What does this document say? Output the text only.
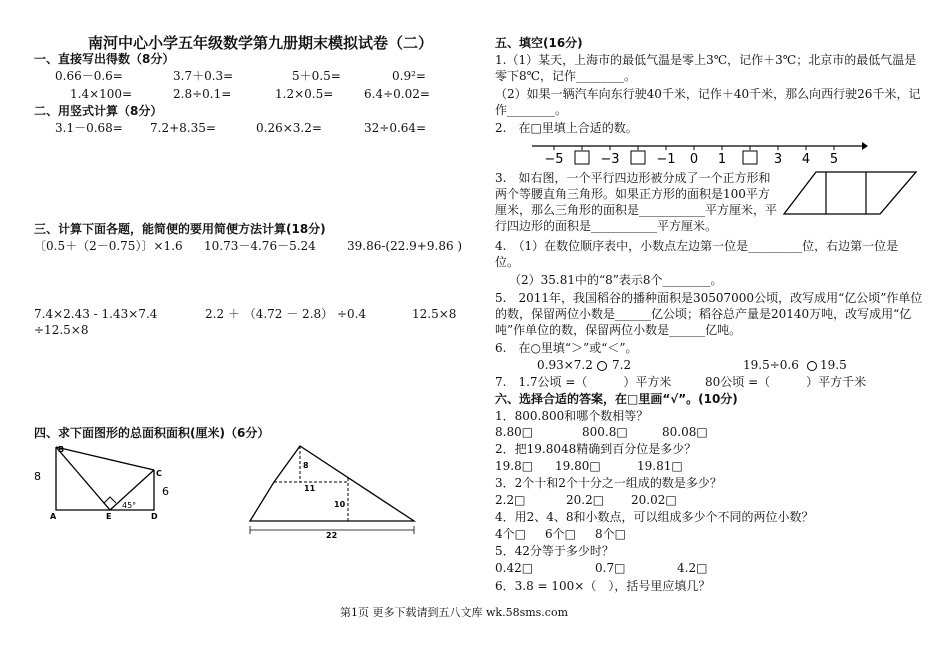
南河中心小学五年级数学第九册期末模拟试卷（二）
一、直接写出得数（8分）
0.66－0.6=	3.7＋0.3=	5＋0.5=	0.9²=
1.4×100=	2.8÷0.1=	1.2×0.5=	6.4÷0.02=
二、用竖式计算（8分）
3.1－0.68= 7.2+8.35=	0.26×3.2=	32÷0.64=
三、计算下面各题，能简便的要用简便方法计算(18分)
〔0.5＋（2－0.75）〕×1.6 10.73－4.76－5.24	39.86-(22.9+9.86 )
7.4×2.43 - 1.43×7.4	2.2 ＋ （4.72 － 2.8） ÷0.4	12.5×8
÷12.5×8
四、求下面图形的总面积面积(厘米)（6分）
8
6
45°
A
B
C
D
E
8
11
10
22
五、填空(16分)
1.（1）某天，上海市的最低气温是零上3℃，记作＋3℃；北京市的最低气温是
零下8℃，记作________。
（2）如果一辆汽车向东行驶40千米，记作＋40千米，那么向西行驶26千米，记
作________。
2.　在□里填上合适的数。
−5	−3	−1 0 1	3 4 5
3.　如右图，一个平行四边形被分成了一个正方形和
两个等腰直角三角形。如果正方形的面积是100平方
厘米，那么三角形的面积是___________平方厘米，平
行四边形的面积是___________平方厘米。
4.　（1）在数位顺序表中，小数点左边第一位是_________位，右边第一位是
位。
（2）35.81中的“8”表示8个________。
5.　2011年，我国稻谷的播种面积是30507000公顷，改写成用“亿公顷”作单位
的数，保留两位小数是______亿公顷；稻谷总产量是20140万吨，改写成用“亿
吨”作单位的数，保留两位小数是______亿吨。
6.　在○里填“＞”或“＜”。
0.93×7.2 7.2	19.5÷0.6 19.5
7.　1.7公顷 =（　　　）平方米	80公顷 =（　　　）平方千米
六、选择合适的答案，在□里画“√”。(10分)
1．800.800和哪个数相等？
8.80□	800.8□	80.08□
2．把19.8048精确到百分位是多少？
19.8□ 19.80□	19.81□
3．2个十和2个十分之一组成的数是多少？
2.2□	20.2□ 20.02□
4．用2、4、8和小数点，可以组成多少个不同的两位小数？
4个□ 6个□ 8个□
5．42分等于多少时？
0.42□	0.7□	4.2□
6．3.8 = 100×（　），括号里应填几？
第1页 更多下载请到五八文库 wk.58sms.com
